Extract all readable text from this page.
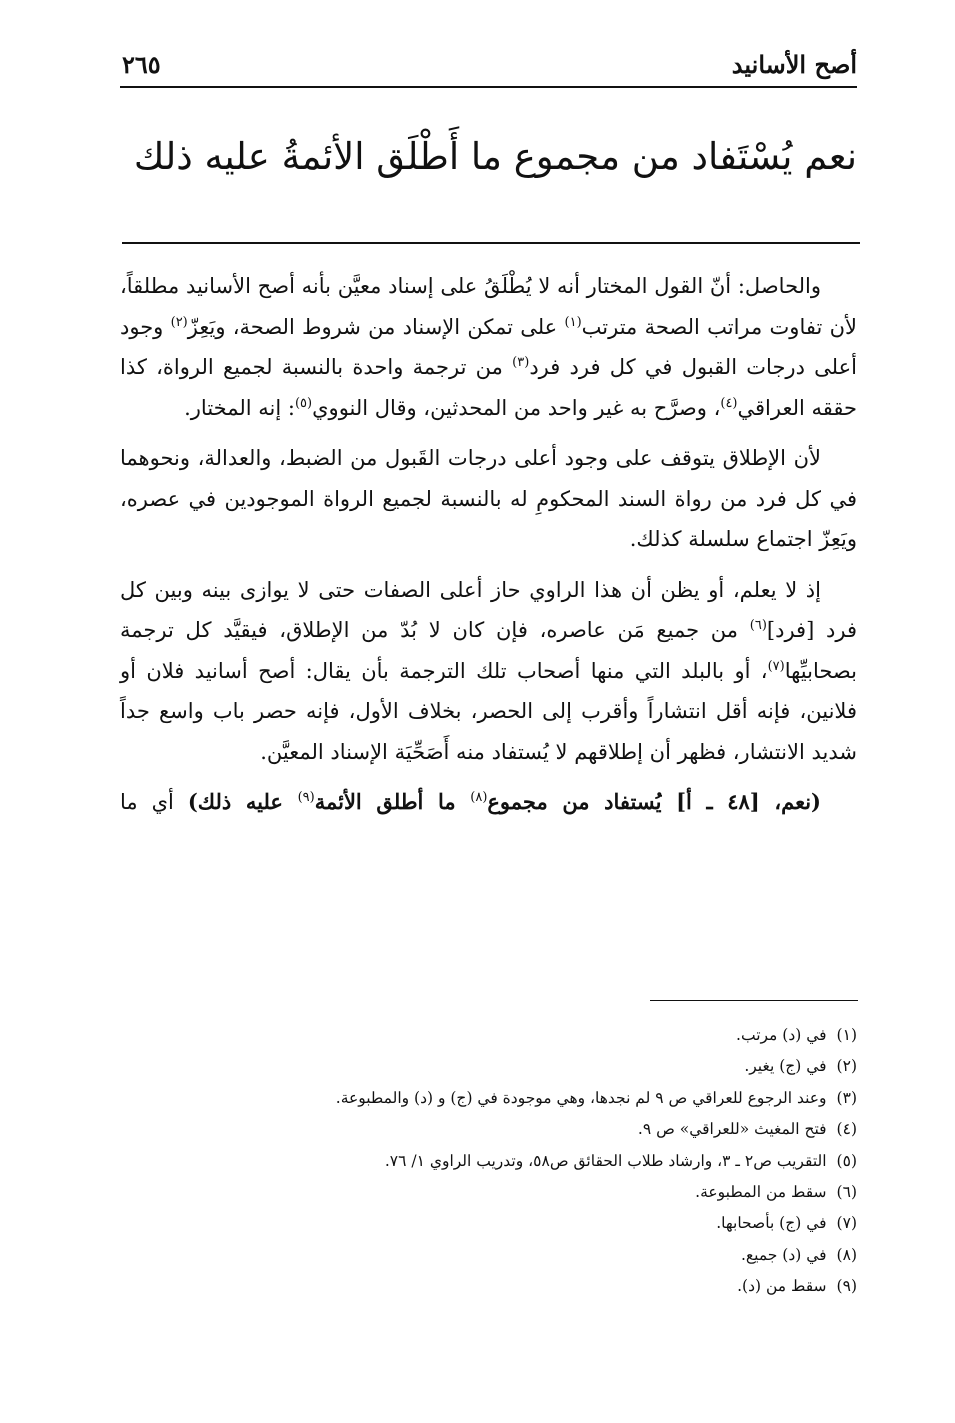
أصح الأسانيد
٢٦٥
نعم يُسْتَفاد من مجموع ما أَطْلَق الأئمةُ عليه ذلك

والحاصل: أنّ القول المختار أنه لا يُطْلَقُ على إسناد معيَّن بأنه أصح الأسانيد مطلقاً، لأن تفاوت مراتب الصحة مترتب$^{(١)}$ على تمكن الإسناد من شروط الصحة، ويَعِزّ$^{(٢)}$ وجود أعلى درجات القبول في كل فرد فرد$^{(٣)}$ من ترجمة واحدة بالنسبة لجميع الرواة، كذا حققه العراقي$^{(٤)}$، وصرَّح به غير واحد من المحدثين، وقال النووي$^{(٥)}$: إنه المختار.

لأن الإطلاق يتوقف على وجود أعلى درجات القَبول من الضبط، والعدالة، ونحوهما في كل فرد من رواة السند المحكومِ له بالنسبة لجميع الرواة الموجودين في عصره، ويَعِزّ اجتماع سلسلة كذلك.

إذ لا يعلم، أو يظن أن هذا الراوي حاز أعلى الصفات حتى لا يوازى بينه وبين كل فرد [فرد]$^{(٦)}$ من جميع مَن عاصره، فإن كان لا بُدّ من الإطلاق، فيقيَّد كل ترجمة بصحابيِّها$^{(٧)}$، أو بالبلد التي منها أصحاب تلك الترجمة بأن يقال: أصح أسانيد فلان أو فلانين، فإنه أقل انتشاراً وأقرب إلى الحصر، بخلاف الأول، فإنه حصر باب واسع جداً شديد الانتشار، فظهر أن إطلاقهم لا يُستفاد منه أَصَحِّيَة الإسناد المعيَّن.

(نعم، [٤٨ ـ أ] يُستفاد من مجموع$^{(٨)}$ ما أطلق الأئمة$^{(٩)}$ عليه ذلك) أي ما

(١)في (د) مرتب.
(٢)في (ج) يغير.
(٣)وعند الرجوع للعراقي ص ٩ لم نجدها، وهي موجودة في (ج) و (د) والمطبوعة.
(٤)فتح المغيث «للعراقي» ص ٩.
(٥)التقريب ص٢ ـ ٣، وارشاد طلاب الحقائق ص٥٨، وتدريب الراوي ١/ ٧٦.
(٦)سقط من المطبوعة.
(٧)في (ج) بأصحابها.
(٨)في (د) جميع.
(٩)سقط من (د).
